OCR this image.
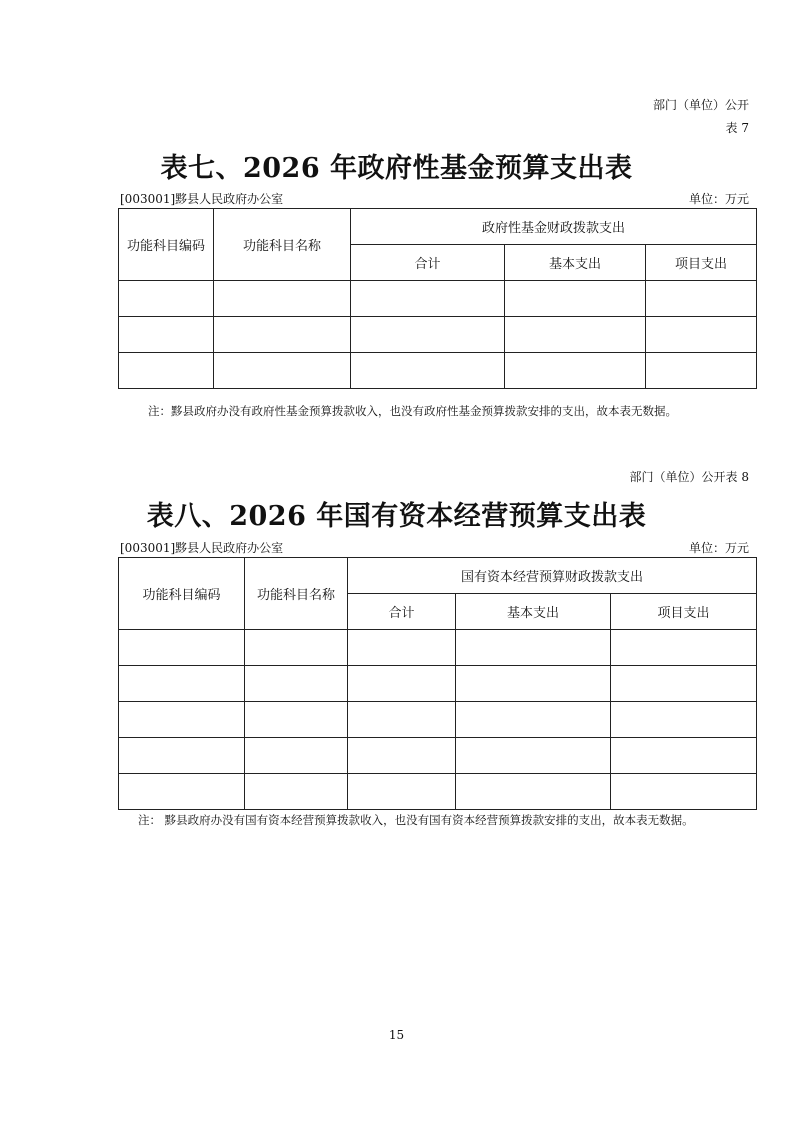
部门（单位）公开
表 7
表七、2026 年政府性基金预算支出表
[003001]黟县人民政府办公室	单位：万元
功能科目编码	功能科目名称	政府性基金财政拨款支出		
		合计	基本支出	项目支出

注：黟县政府办没有政府性基金预算拨款收入，也没有政府性基金预算拨款安排的支出，故本表无数据。
部门（单位）公开表 8
表八、2026 年国有资本经营预算支出表
[003001]黟县人民政府办公室	单位：万元
功能科目编码	功能科目名称	国有资本经营预算财政拨款支出		
		合计	基本支出	项目支出

注： 黟县政府办没有国有资本经营预算拨款收入，也没有国有资本经营预算拨款安排的支出，故本表无数据。
15
